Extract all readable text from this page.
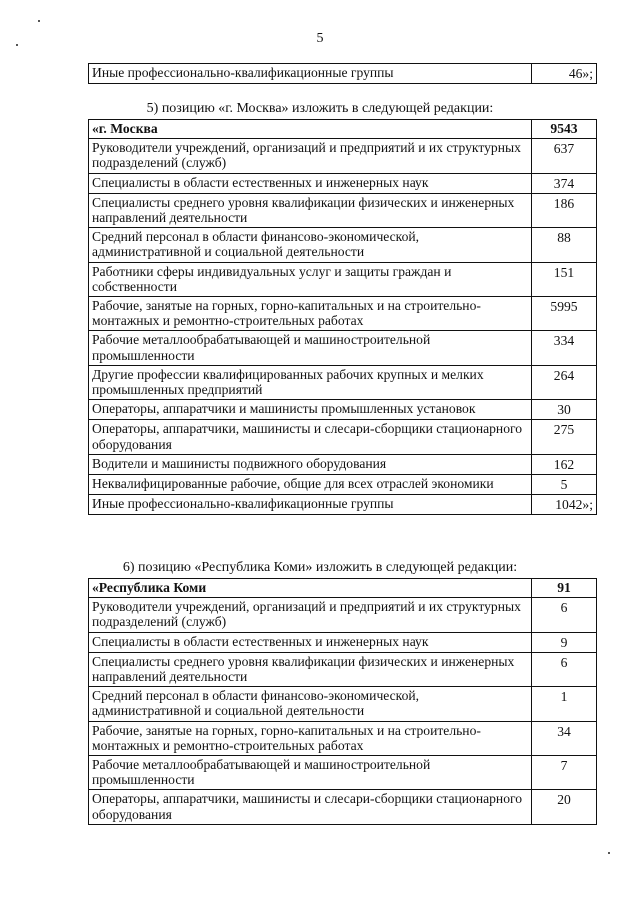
5
Иные профессионально-квалификационные группы	46»;
5) позицию «г. Москва» изложить в следующей редакции:
«г. Москва	9543
Руководители учреждений, организаций и предприятий и их структурных подразделений (служб)	637
Специалисты в области естественных и инженерных наук	374
Специалисты среднего уровня квалификации физических и инженерных направлений деятельности	186
Средний персонал в области финансово-экономической, административной и социальной деятельности	88
Работники сферы индивидуальных услуг и защиты граждан и собственности	151
Рабочие, занятые на горных, горно-капитальных и на строительно-монтажных и ремонтно-строительных работах	5995
Рабочие металлообрабатывающей и машиностроительной промышленности	334
Другие профессии квалифицированных рабочих крупных и мелких промышленных предприятий	264
Операторы, аппаратчики и машинисты промышленных установок	30
Операторы, аппаратчики, машинисты и слесари-сборщики стационарного оборудования	275
Водители и машинисты подвижного оборудования	162
Неквалифицированные рабочие, общие для всех отраслей экономики	5
Иные профессионально-квалификационные группы	1042»;
6) позицию «Республика Коми» изложить в следующей редакции:
«Республика Коми	91
Руководители учреждений, организаций и предприятий и их структурных подразделений (служб)	6
Специалисты в области естественных и инженерных наук	9
Специалисты среднего уровня квалификации физических и инженерных направлений деятельности	6
Средний персонал в области финансово-экономической, административной и социальной деятельности	1
Рабочие, занятые на горных, горно-капитальных и на строительно-монтажных и ремонтно-строительных работах	34
Рабочие металлообрабатывающей и машиностроительной промышленности	7
Операторы, аппаратчики, машинисты и слесари-сборщики стационарного оборудования	20
